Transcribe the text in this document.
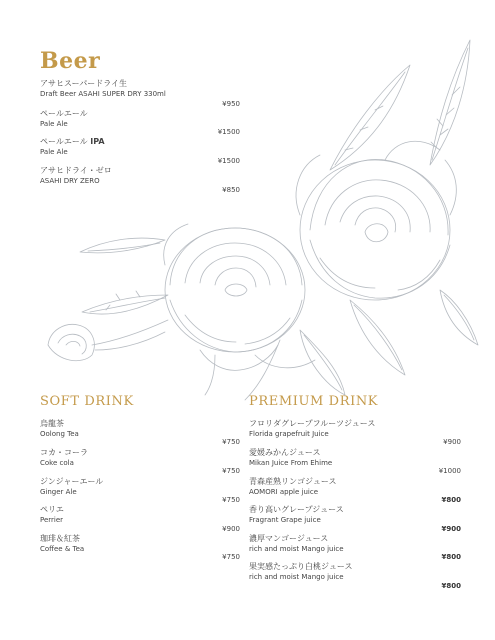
Beer
アサヒスーパードライ生
Draft Beer ASAHI SUPER DRY 330ml
¥950
ペールエール
Pale Ale
¥1500
ペールエール IPA
Pale Ale
¥1500
アサヒドライ・ゼロ
ASAHI DRY ZERO
¥850
SOFT DRINK
烏龍茶
Oolong Tea
¥750
コカ・コーラ
Coke cola
¥750
ジンジャーエール
Ginger Ale
¥750
ペリエ
Perrier
¥900
珈琲＆紅茶
Coffee & Tea
¥750
PREMIUM DRINK
フロリダグレープフルーツジュース
Florida grapefruit Juice
¥900
愛媛みかんジュース
Mikan Juice From Ehime
¥1000
青森産熟リンゴジュース
AOMORI apple juice
¥800
香り高いグレープジュース
Fragrant Grape juice
¥900
濃厚マンゴージュース
rich and moist Mango juice
¥800
果実感たっぷり白桃ジュース
rich and moist Mango juice
¥800
